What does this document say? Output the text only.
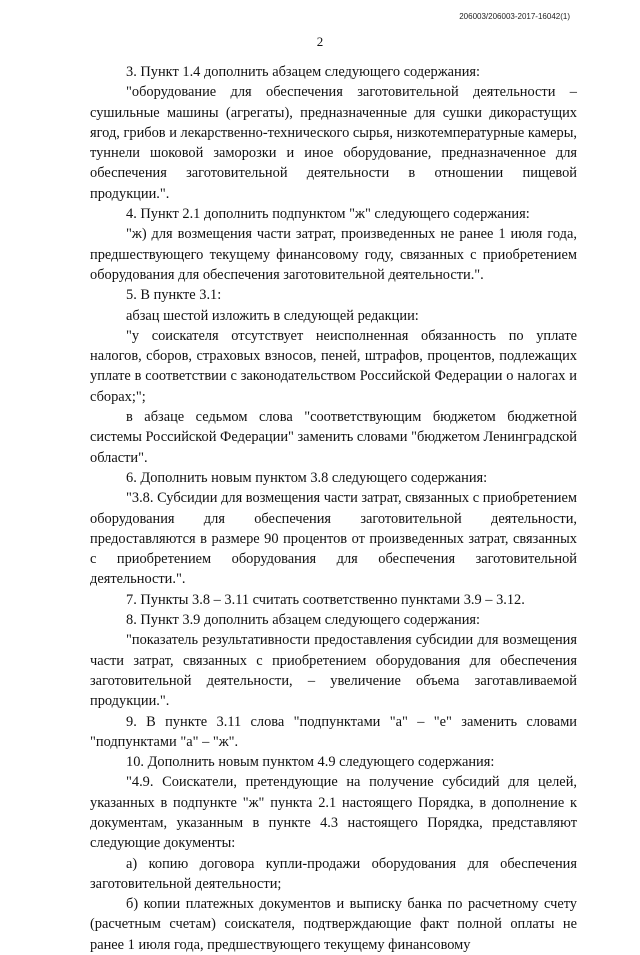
206003/206003-2017-16042(1)
2

3. Пункт 1.4 дополнить абзацем следующего содержания:

"оборудование для обеспечения заготовительной деятельности – сушильные машины (агрегаты), предназначенные для сушки дикорастущих ягод, грибов и лекарственно-технического сырья, низкотемпературные камеры, туннели шоковой заморозки и иное оборудование, предназначенное для обеспечения заготовительной деятельности в отношении пищевой продукции.".

4. Пункт 2.1 дополнить подпунктом "ж" следующего содержания:

"ж) для возмещения части затрат, произведенных не ранее 1 июля года, предшествующего текущему финансовому году, связанных с приобретением оборудования для обеспечения заготовительной деятельности.".

5. В пункте 3.1:

абзац шестой изложить в следующей редакции:

"у соискателя отсутствует неисполненная обязанность по уплате налогов, сборов, страховых взносов, пеней, штрафов, процентов, подлежащих уплате в соответствии с законодательством Российской Федерации о налогах и сборах;";

в абзаце седьмом слова "соответствующим бюджетом бюджетной системы Российской Федерации" заменить словами "бюджетом Ленинградской области".

6. Дополнить новым пунктом 3.8 следующего содержания:

"3.8. Субсидии для возмещения части затрат, связанных с приобретением оборудования для обеспечения заготовительной деятельности, предоставляются в размере 90 процентов от произведенных затрат, связанных с приобретением оборудования для обеспечения заготовительной деятельности.".

7. Пункты 3.8 – 3.11 считать соответственно пунктами 3.9 – 3.12.

8. Пункт 3.9 дополнить абзацем следующего содержания:

"показатель результативности предоставления субсидии для возмещения части затрат, связанных с приобретением оборудования для обеспечения заготовительной деятельности, – увеличение объема заготавливаемой продукции.".

9. В пункте 3.11 слова "подпунктами "а" – "е" заменить словами "подпунктами "а" – "ж".

10. Дополнить новым пунктом 4.9 следующего содержания:

"4.9. Соискатели, претендующие на получение субсидий для целей, указанных в подпункте "ж" пункта 2.1 настоящего Порядка, в дополнение к документам, указанным в пункте 4.3 настоящего Порядка, представляют следующие документы:

а) копию договора купли-продажи оборудования для обеспечения заготовительной деятельности;

б) копии платежных документов и выписку банка по расчетному счету (расчетным счетам) соискателя, подтверждающие факт полной оплаты не ранее 1 июля года, предшествующего текущему финансовому
